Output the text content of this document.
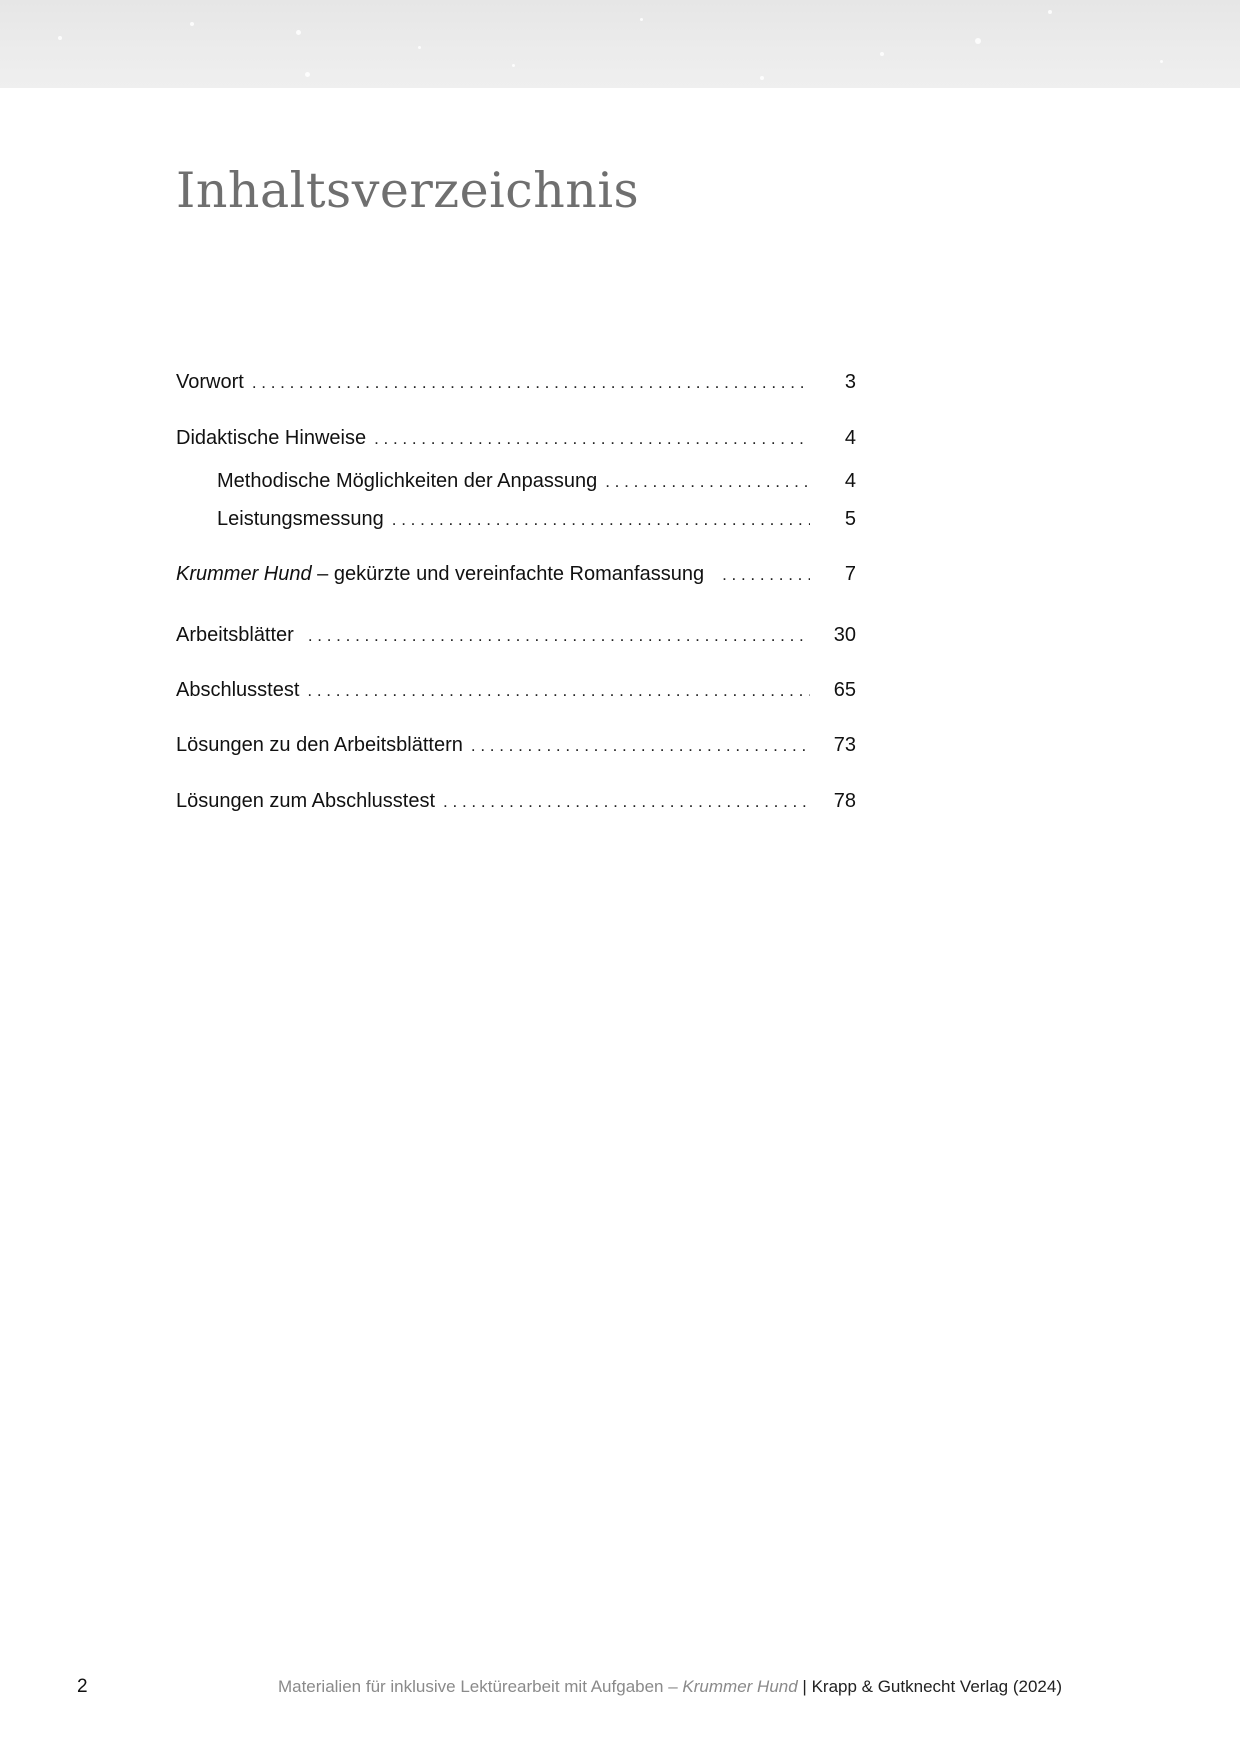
Inhaltsverzeichnis
Vorwort . . .	3
Didaktische Hinweise . . .	4
Methodische Möglichkeiten der Anpassung . . .	4
Leistungsmessung . . .	5
Krummer Hund – gekürzte und vereinfachte Romanfassung . . .	7
Arbeitsblätter . . .	30
Abschlusstest . . .	65
Lösungen zu den Arbeitsblättern . . .	73
Lösungen zum Abschlusstest . . .	78
2	Materialien für inklusive Lektürearbeit mit Aufgaben – Krummer Hund | Krapp & Gutknecht Verlag (2024)
